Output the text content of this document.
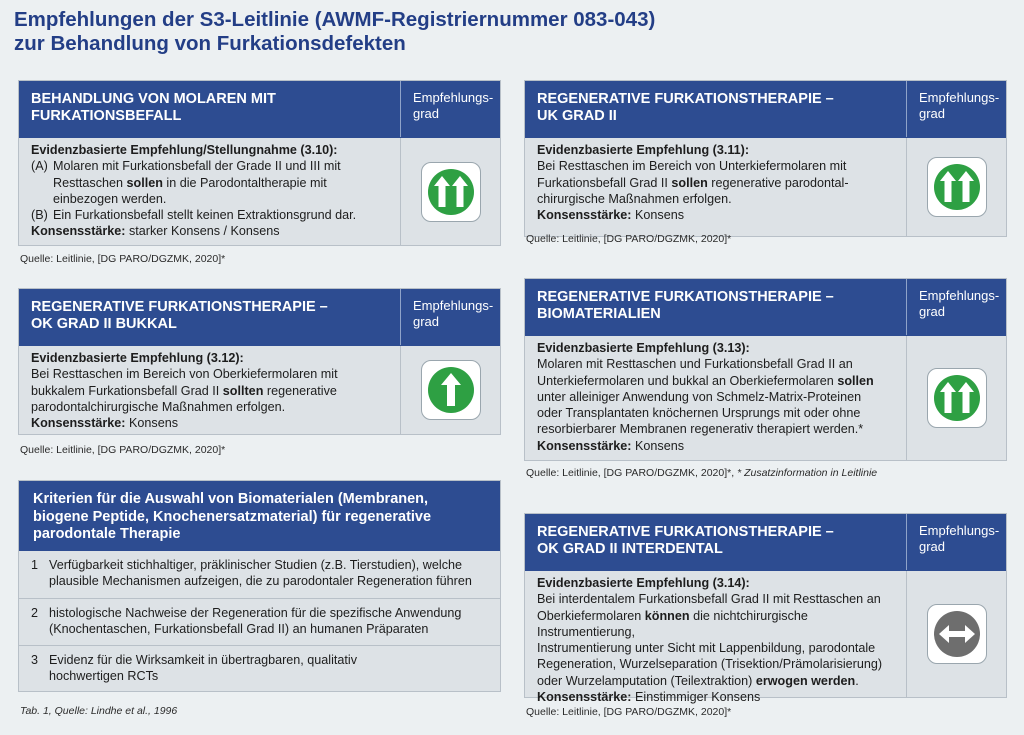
Empfehlungen der S3-Leitlinie (AWMF-Registriernummer 083-043)
zur Behandlung von Furkationsdefekten
BEHANDLUNG VON MOLAREN MIT
FURKATIONSBEFALL
Empfehlungs-
grad
Evidenzbasierte Empfehlung/Stellungnahme (3.10):
(A) Molaren mit Furkationsbefall der Grade II und III mit
Resttaschen sollen in die Parodontaltherapie mit
einbezogen werden.
(B) Ein Furkationsbefall stellt keinen Extraktionsgrund dar.
Konsensstärke: starker Konsens / Konsens
Quelle: Leitlinie, [DG PARO/DGZMK, 2020]*
REGENERATIVE FURKATIONSTHERAPIE –
OK GRAD II BUKKAL
Empfehlungs-
grad
Evidenzbasierte Empfehlung (3.12):
Bei Resttaschen im Bereich von Oberkiefermolaren mit
bukkalem Furkationsbefall Grad II sollten regenerative
parodontalchirurgische Maßnahmen erfolgen.
Konsensstärke: Konsens
Quelle: Leitlinie, [DG PARO/DGZMK, 2020]*
Kriterien für die Auswahl von Biomaterialen (Membranen,
biogene Peptide, Knochenersatzmaterial) für regenerative
parodontale Therapie
1 Verfügbarkeit stichhaltiger, präklinischer Studien (z.B. Tierstudien), welche
plausible Mechanismen aufzeigen, die zu parodontaler Regeneration führen
2 histologische Nachweise der Regeneration für die spezifische Anwendung
(Knochentaschen, Furkationsbefall Grad II) an humanen Präparaten
3 Evidenz für die Wirksamkeit in übertragbaren, qualitativ
hochwertigen RCTs
Tab. 1, Quelle: Lindhe et al., 1996
REGENERATIVE FURKATIONSTHERAPIE –
UK GRAD II
Empfehlungs-
grad
Evidenzbasierte Empfehlung (3.11):
Bei Resttaschen im Bereich von Unterkiefermolaren mit
Furkationsbefall Grad II sollen regenerative parodontal-
chirurgische Maßnahmen erfolgen.
Konsensstärke: Konsens
Quelle: Leitlinie, [DG PARO/DGZMK, 2020]*
REGENERATIVE FURKATIONSTHERAPIE –
BIOMATERIALIEN
Empfehlungs-
grad
Evidenzbasierte Empfehlung (3.13):
Molaren mit Resttaschen und Furkationsbefall Grad II an
Unterkiefermolaren und bukkal an Oberkiefermolaren sollen
unter alleiniger Anwendung von Schmelz-Matrix-Proteinen
oder Transplantaten knöchernen Ursprungs mit oder ohne
resorbierbarer Membranen regenerativ therapiert werden.*
Konsensstärke: Konsens
Quelle: Leitlinie, [DG PARO/DGZMK, 2020]*, * Zusatzinformation in Leitlinie
REGENERATIVE FURKATIONSTHERAPIE –
OK GRAD II INTERDENTAL
Empfehlungs-
grad
Evidenzbasierte Empfehlung (3.14):
Bei interdentalem Furkationsbefall Grad II mit Resttaschen an
Oberkiefermolaren können die nichtchirurgische Instrumentierung,
Instrumentierung unter Sicht mit Lappenbildung, parodontale
Regeneration, Wurzelseparation (Trisektion/Prämolarisierung)
oder Wurzelamputation (Teilextraktion) erwogen werden.
Konsensstärke: Einstimmiger Konsens
Quelle: Leitlinie, [DG PARO/DGZMK, 2020]*
